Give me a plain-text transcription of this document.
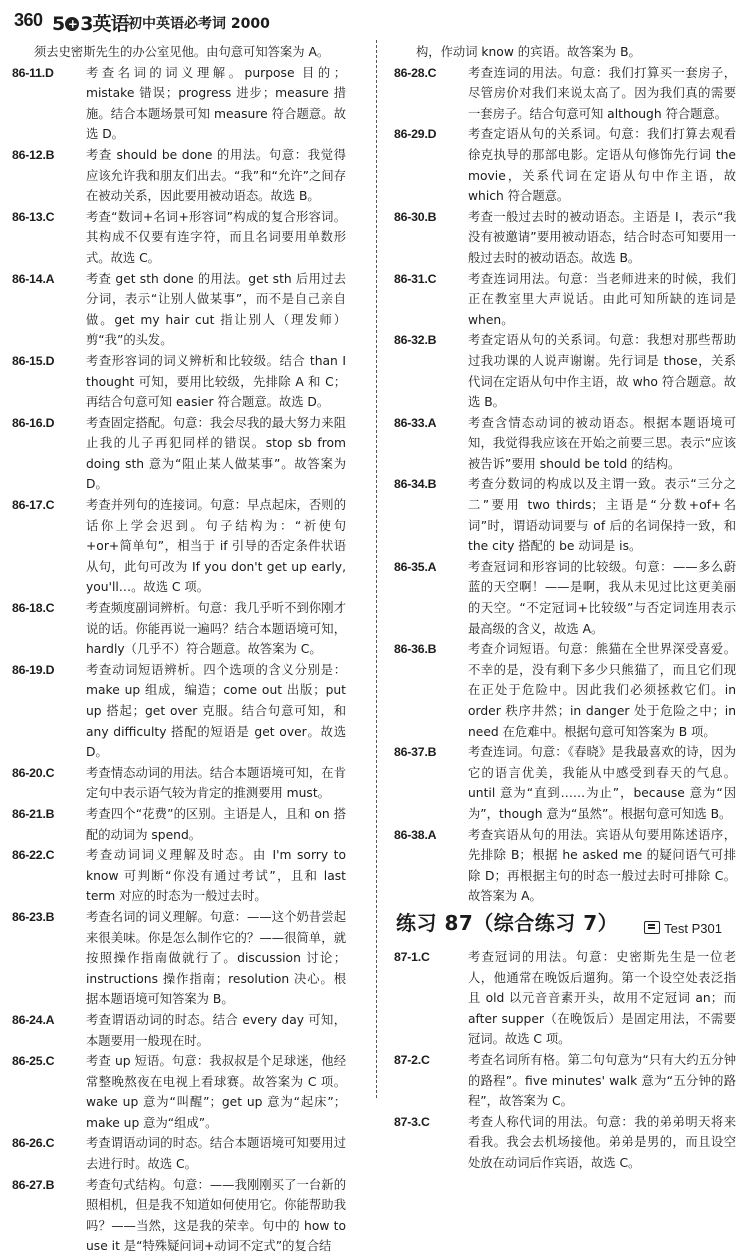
360 5 + 3英语 初中英语必考词 2000
须去史密斯先生的办公室见他。由句意可知答案为 A。
86-11.D	考查名词的词义理解。purpose 目的；mistake 错误；progress 进步；measure 措施。结合本题场景可知 measure 符合题意。故选 D。
86-12.B	考查 should be done 的用法。句意：我觉得应该允许我和朋友们出去。“我”和“允许”之间存在被动关系，因此要用被动语态。故选 B。
86-13.C	考查“数词+名词+形容词”构成的复合形容词。其构成不仅要有连字符，而且名词要用单数形式。故选 C。
86-14.A	考查 get sth done 的用法。get sth 后用过去分词，表示“让别人做某事”，而不是自己亲自做。get my hair cut 指让别人（理发师）剪“我”的头发。
86-15.D	考查形容词的词义辨析和比较级。结合 than I thought 可知，要用比较级，先排除 A 和 C；再结合句意可知 easier 符合题意。故选 D。
86-16.D	考查固定搭配。句意：我会尽我的最大努力来阻止我的儿子再犯同样的错误。stop sb from doing sth 意为“阻止某人做某事”。故答案为 D。
86-17.C	考查并列句的连接词。句意：早点起床，否则的话你上学会迟到。句子结构为：“祈使句+or+简单句”，相当于 if 引导的否定条件状语从句，此句可改为 If you don't get up early, you'll…。故选 C 项。
86-18.C	考查频度副词辨析。句意：我几乎听不到你刚才说的话。你能再说一遍吗？结合本题语境可知，hardly（几乎不）符合题意。故答案为 C。
86-19.D	考查动词短语辨析。四个选项的含义分别是：make up 组成，编造；come out 出版；put up 搭起；get over 克服。结合句意可知，和 any difficulty 搭配的短语是 get over。故选 D。
86-20.C	考查情态动词的用法。结合本题语境可知，在肯定句中表示语气较为肯定的推测要用 must。
86-21.B	考查四个“花费”的区别。主语是人，且和 on 搭配的动词为 spend。
86-22.C	考查动词词义理解及时态。由 I'm sorry to know 可判断“你没有通过考试”，且和 last term 对应的时态为一般过去时。
86-23.B	考查名词的词义理解。句意：——这个奶昔尝起来很美味。你是怎么制作它的？——很简单，就按照操作指南做就行了。discussion 讨论；instructions 操作指南；resolution 决心。根据本题语境可知答案为 B。
86-24.A	考查谓语动词的时态。结合 every day 可知，本题要用一般现在时。
86-25.C	考查 up 短语。句意：我叔叔是个足球迷，他经常整晚熬夜在电视上看球赛。故答案为 C 项。wake up 意为“叫醒”；get up 意为“起床”；make up 意为“组成”。
86-26.C	考查谓语动词的时态。结合本题语境可知要用过去进行时。故选 C。
86-27.B	考查句式结构。句意：——我刚刚买了一台新的照相机，但是我不知道如何使用它。你能帮助我吗？——当然，这是我的荣幸。句中的 how to use it 是“特殊疑问词+动词不定式”的复合结
构，作动词 know 的宾语。故答案为 B。
86-28.C	考查连词的用法。句意：我们打算买一套房子，尽管房价对我们来说太高了。因为我们真的需要一套房子。结合句意可知 although 符合题意。
86-29.D	考查定语从句的关系词。句意：我们打算去观看徐克执导的那部电影。定语从句修饰先行词 the movie，关系代词在定语从句中作主语，故 which 符合题意。
86-30.B	考查一般过去时的被动语态。主语是 I，表示“我没有被邀请”要用被动语态，结合时态可知要用一般过去时的被动语态。故选 B。
86-31.C	考查连词用法。句意：当老师进来的时候，我们正在教室里大声说话。由此可知所缺的连词是 when。
86-32.B	考查定语从句的关系词。句意：我想对那些帮助过我功课的人说声谢谢。先行词是 those，关系代词在定语从句中作主语，故 who 符合题意。故选 B。
86-33.A	考查含情态动词的被动语态。根据本题语境可知，我觉得我应该在开始之前要三思。表示“应该被告诉”要用 should be told 的结构。
86-34.B	考查分数词的构成以及主谓一致。表示“三分之二”要用 two thirds；主语是“分数+of+名词”时，谓语动词要与 of 后的名词保持一致，和 the city 搭配的 be 动词是 is。
86-35.A	考查冠词和形容词的比较级。句意：——多么蔚蓝的天空啊！——是啊，我从未见过比这更美丽的天空。“不定冠词+比较级”与否定词连用表示最高级的含义，故选 A。
86-36.B	考查介词短语。句意：熊猫在全世界深受喜爱。不幸的是，没有剩下多少只熊猫了，而且它们现在正处于危险中。因此我们必须拯救它们。in order 秩序井然；in danger 处于危险之中；in need 在危难中。根据句意可知答案为 B 项。
86-37.B	考查连词。句意：《春晓》是我最喜欢的诗，因为它的语言优美，我能从中感受到春天的气息。until 意为“直到……为止”，because 意为“因为”，though 意为“虽然”。根据句意可知选 B。
86-38.A	考查宾语从句的用法。宾语从句要用陈述语序，先排除 B；根据 he asked me 的疑问语气可排除 D；再根据主句的时态一般过去时可排除 C。故答案为 A。
练习 87（综合练习 7）	Test P301
87-1.C	考查冠词的用法。句意：史密斯先生是一位老人，他通常在晚饭后遛狗。第一个设空处表泛指且 old 以元音音素开头，故用不定冠词 an；而 after supper（在晚饭后）是固定用法，不需要冠词。故选 C 项。
87-2.C	考查名词所有格。第二句句意为“只有大约五分钟的路程”。five minutes' walk 意为“五分钟的路程”，故答案为 C。
87-3.C	考查人称代词的用法。句意：我的弟弟明天将来看我。我会去机场接他。弟弟是男的，而且设空处放在动词后作宾语，故选 C。
